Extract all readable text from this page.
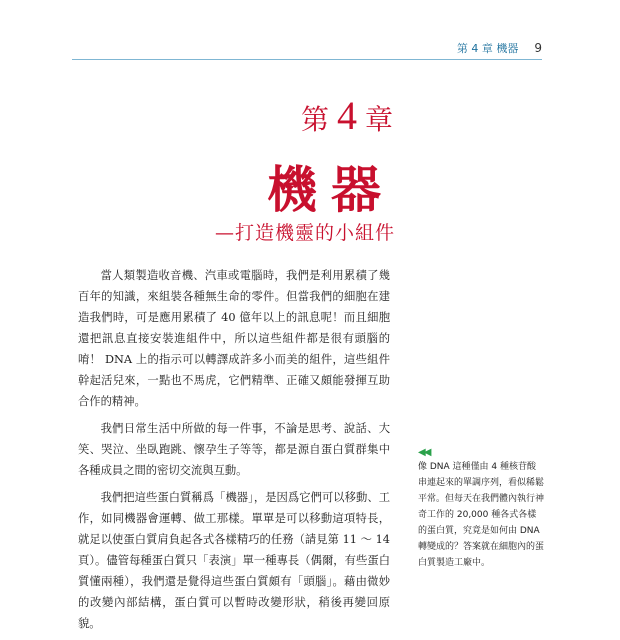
第 4 章 機器 9
第 4 章
機器
—打造機靈的小組件

當人類製造收音機、汽車或電腦時，我們是利用累積了幾百年的知識，來組裝各種無生命的零件。但當我們的細胞在建造我們時，可是應用累積了 40 億年以上的訊息呢！而且細胞還把訊息直接安裝進組件中，所以這些組件都是很有頭腦的唷！ DNA 上的指示可以轉譯成許多小而美的組件，這些組件幹起活兒來，一點也不馬虎，它們精準、正確又頗能發揮互助合作的精神。

我們日常生活中所做的每一件事，不論是思考、說話、大笑、哭泣、坐臥跑跳、懷孕生子等等，都是源自蛋白質群集中各種成員之間的密切交流與互動。

我們把這些蛋白質稱爲「機器」，是因爲它們可以移動、工作，如同機器會運轉、做工那樣。單單是可以移動這項特長，就足以使蛋白質肩負起各式各樣精巧的任務（請見第 11 ～ 14 頁）。儘管每種蛋白質只「表演」單一種專長（偶爾，有些蛋白質懂兩種），我們還是覺得這些蛋白質頗有「頭腦」。藉由微妙的改變內部結構，蛋白質可以暫時改變形狀，稍後再變回原貌。

◀◀
像 DNA 這種僅由 4 種核苷酸串連起來的單調序列，看似稀鬆平常。但每天在我們體內執行神奇工作的 20,000 種各式各樣的蛋白質，究竟是如何由 DNA 轉變成的？答案就在細胞內的蛋白質製造工廠中。
